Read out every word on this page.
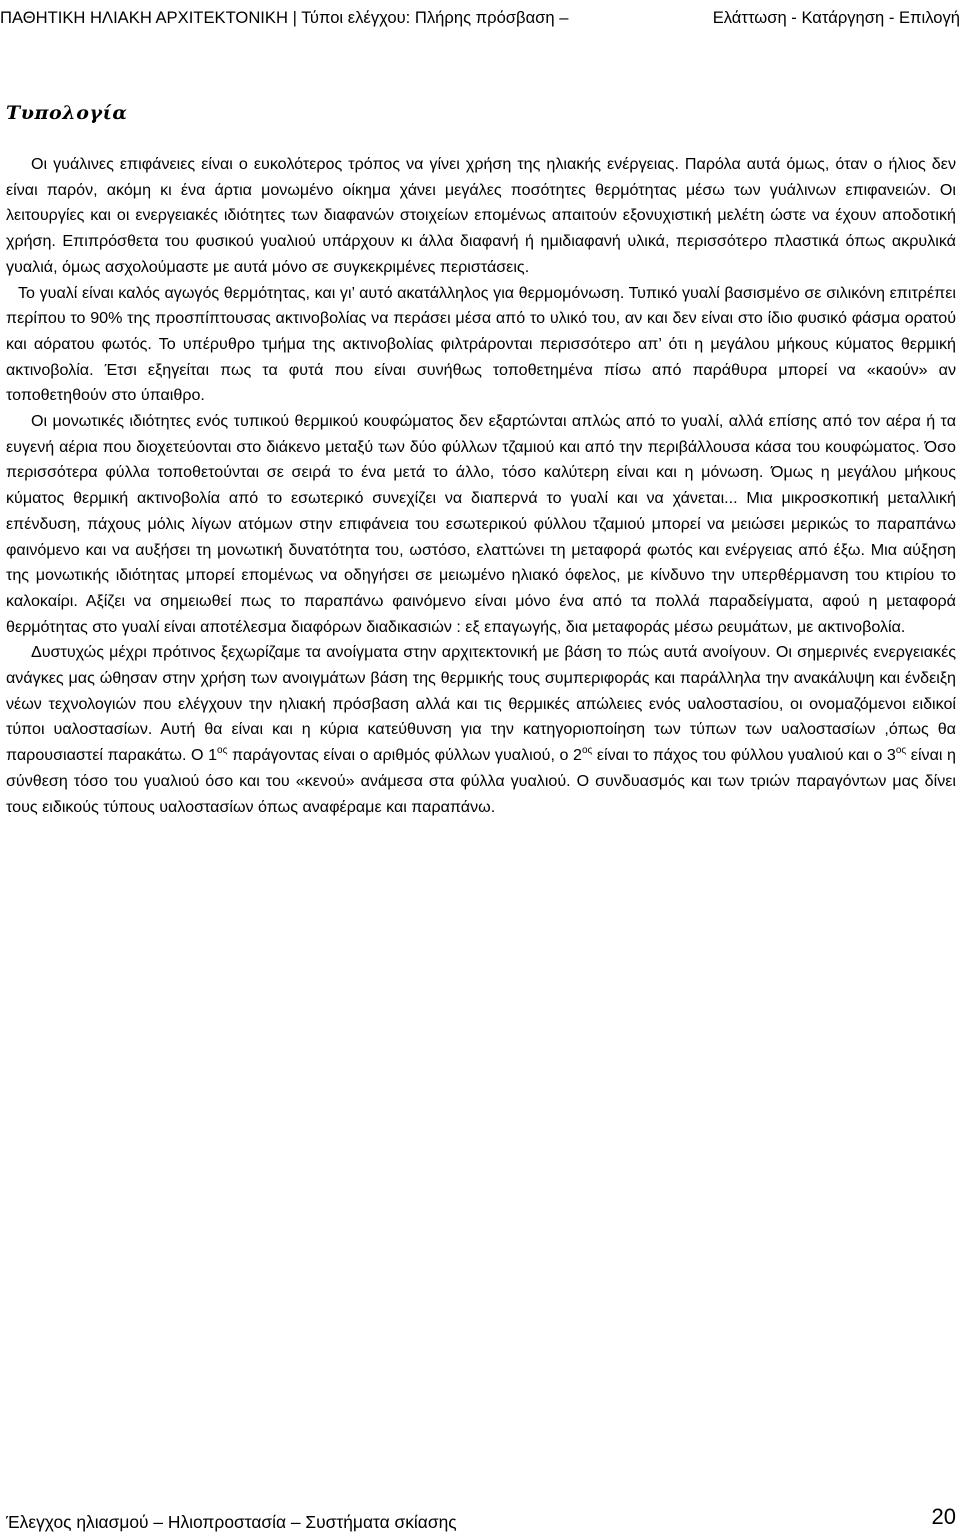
ΠΑΘΗΤΙΚΗ ΗΛΙΑΚΗ ΑΡΧΙΤΕΚΤΟΝΙΚΗ | Τύποι ελέγχου: Πλήρης πρόσβαση –	Ελάττωση - Κατάργηση - Επιλογή
Τυπολογία

Οι γυάλινες επιφάνειες είναι ο ευκολότερος τρόπος να γίνει χρήση της ηλιακής ενέργειας. Παρόλα αυτά όμως, όταν ο ήλιος δεν είναι παρόν, ακόμη κι ένα άρτια μονωμένο οίκημα χάνει μεγάλες ποσότητες θερμότητας μέσω των γυάλινων επιφανειών. Οι λειτουργίες και οι ενεργειακές ιδιότητες των διαφανών στοιχείων επομένως απαιτούν εξονυχιστική μελέτη ώστε να έχουν αποδοτική χρήση. Επιπρόσθετα του φυσικού γυαλιού υπάρχουν κι άλλα διαφανή ή ημιδιαφανή υλικά, περισσότερο πλαστικά όπως ακρυλικά γυαλιά, όμως ασχολούμαστε με αυτά μόνο σε συγκεκριμένες περιστάσεις.

Το γυαλί είναι καλός αγωγός θερμότητας, και γι’ αυτό ακατάλληλος για θερμομόνωση. Τυπικό γυαλί βασισμένο σε σιλικόνη επιτρέπει περίπου το 90% της προσπίπτουσας ακτινοβολίας να περάσει μέσα από το υλικό του, αν και δεν είναι στο ίδιο φυσικό φάσμα ορατού και αόρατου φωτός. Το υπέρυθρο τμήμα της ακτινοβολίας φιλτράρονται περισσότερο απ’ ότι η μεγάλου μήκους κύματος θερμική ακτινοβολία. Έτσι εξηγείται πως τα φυτά που είναι συνήθως τοποθετημένα πίσω από παράθυρα μπορεί να «καούν» αν τοποθετηθούν στο ύπαιθρο.

Οι μονωτικές ιδιότητες ενός τυπικού θερμικού κουφώματος δεν εξαρτώνται απλώς από το γυαλί, αλλά επίσης από τον αέρα ή τα ευγενή αέρια που διοχετεύονται στο διάκενο μεταξύ των δύο φύλλων τζαμιού και από την περιβάλλουσα κάσα του κουφώματος. Όσο περισσότερα φύλλα τοποθετούνται σε σειρά το ένα μετά το άλλο, τόσο καλύτερη είναι και η μόνωση. Όμως η μεγάλου μήκους κύματος θερμική ακτινοβολία από το εσωτερικό συνεχίζει να διαπερνά το γυαλί και να χάνεται... Μια μικροσκοπική μεταλλική επένδυση, πάχους μόλις λίγων ατόμων στην επιφάνεια του εσωτερικού φύλλου τζαμιού μπορεί να μειώσει μερικώς το παραπάνω φαινόμενο και να αυξήσει τη μονωτική δυνατότητα του, ωστόσο, ελαττώνει τη μεταφορά φωτός και ενέργειας από έξω. Μια αύξηση της μονωτικής ιδιότητας μπορεί επομένως να οδηγήσει σε μειωμένο ηλιακό όφελος, με κίνδυνο την υπερθέρμανση του κτιρίου το καλοκαίρι. Αξίζει να σημειωθεί πως το παραπάνω φαινόμενο είναι μόνο ένα από τα πολλά παραδείγματα, αφού η μεταφορά θερμότητας στο γυαλί είναι αποτέλεσμα διαφόρων διαδικασιών : εξ επαγωγής, δια μεταφοράς μέσω ρευμάτων, με ακτινοβολία.

Δυστυχώς μέχρι πρότινος ξεχωρίζαμε τα ανοίγματα στην αρχιτεκτονική με βάση το πώς αυτά ανοίγουν. Οι σημερινές ενεργειακές ανάγκες μας ώθησαν στην χρήση των ανοιγμάτων βάση της θερμικής τους συμπεριφοράς και παράλληλα την ανακάλυψη και ένδειξη νέων τεχνολογιών που ελέγχουν την ηλιακή πρόσβαση αλλά και τις θερμικές απώλειες ενός υαλοστασίου, οι ονομαζόμενοι ειδικοί τύποι υαλοστασίων. Αυτή θα είναι και η κύρια κατεύθυνση για την κατηγοριοποίηση των τύπων των υαλοστασίων ,όπως θα παρουσιαστεί παρακάτω. Ο $1^{o\varsigma}$ παράγοντας είναι ο αριθμός φύλλων γυαλιού, ο $2^{o\varsigma}$ είναι το πάχος του φύλλου γυαλιού και ο $3^{o\varsigma}$ είναι η σύνθεση τόσο του γυαλιού όσο και του «κενού» ανάμεσα στα φύλλα γυαλιού. Ο συνδυασμός και των τριών παραγόντων μας δίνει τους ειδικούς τύπους υαλοστασίων όπως αναφέραμε και παραπάνω.

Έλεγχος ηλιασμού – Ηλιοπροστασία – Συστήματα σκίασης	20
